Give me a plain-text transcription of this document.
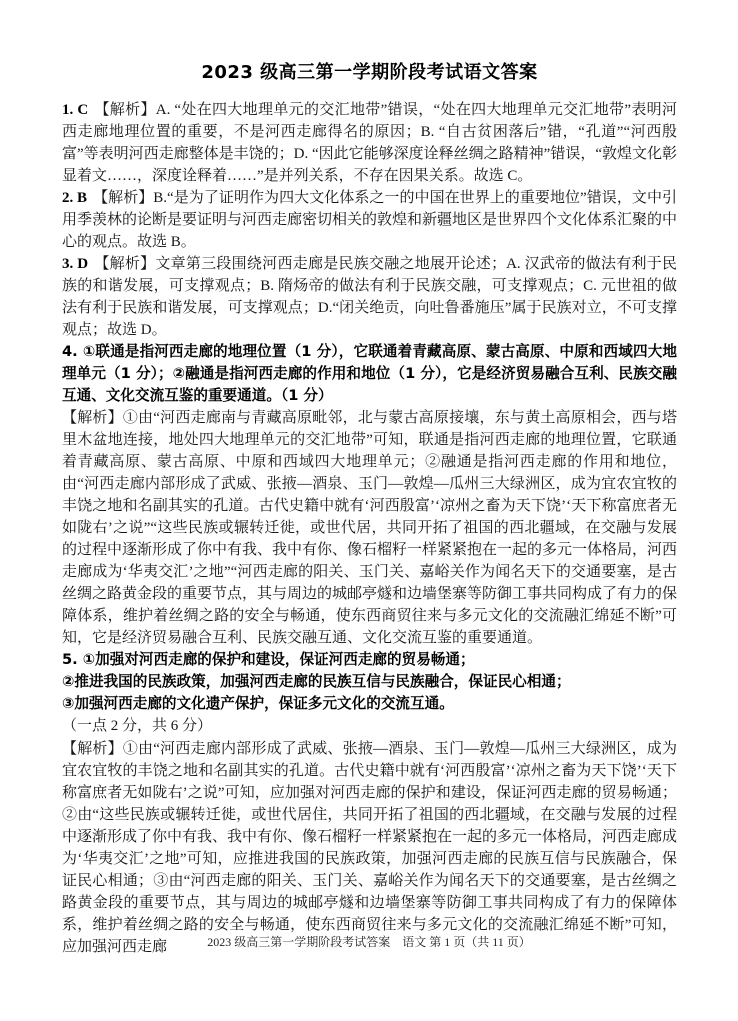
2023 级高三第一学期阶段考试语文答案
1. C 【解析】A. “处在四大地理单元的交汇地带”错误，“处在四大地理单元交汇地带”表明河西走廊地理位置的重要，不是河西走廊得名的原因；B. “自古贫困落后”错，“孔道”“河西殷富”等表明河西走廊整体是丰饶的；D. “因此它能够深度诠释丝绸之路精神”错误，“敦煌文化彰显着文……，深度诠释着……”是并列关系，不存在因果关系。故选 C。
2. B 【解析】B.“是为了证明作为四大文化体系之一的中国在世界上的重要地位”错误，文中引用季羡林的论断是要证明与河西走廊密切相关的敦煌和新疆地区是世界四个文化体系汇聚的中心的观点。故选 B。
3. D 【解析】文章第三段围绕河西走廊是民族交融之地展开论述；A. 汉武帝的做法有利于民族的和谐发展，可支撑观点；B. 隋炀帝的做法有利于民族交融，可支撑观点；C. 元世祖的做法有利于民族和谐发展，可支撑观点；D.“闭关绝贡，向吐鲁番施压”属于民族对立，不可支撑观点；故选 D。
4. ①联通是指河西走廊的地理位置（1 分），它联通着青藏高原、蒙古高原、中原和西域四大地理单元（1 分）；②融通是指河西走廊的作用和地位（1 分），它是经济贸易融合互利、民族交融互通、文化交流互鉴的重要通道。（1 分）
【解析】①由“河西走廊南与青藏高原毗邻，北与蒙古高原接壤，东与黄土高原相会，西与塔里木盆地连接，地处四大地理单元的交汇地带”可知，联通是指河西走廊的地理位置，它联通着青藏高原、蒙古高原、中原和西域四大地理单元；②融通是指河西走廊的作用和地位，由“河西走廊内部形成了武威、张掖—酒泉、玉门—敦煌—瓜州三大绿洲区，成为宜农宜牧的丰饶之地和名副其实的孔道。古代史籍中就有‘河西殷富’‘凉州之畜为天下饶’‘天下称富庶者无如陇右’之说”“这些民族或辗转迁徙，或世代居，共同开拓了祖国的西北疆域，在交融与发展的过程中逐渐形成了你中有我、我中有你、像石榴籽一样紧紧抱在一起的多元一体格局，河西走廊成为‘华夷交汇’之地”“河西走廊的阳关、玉门关、嘉峪关作为闻名天下的交通要塞，是古丝绸之路黄金段的重要节点，其与周边的城邮亭燧和边墙堡寨等防御工事共同构成了有力的保障体系，维护着丝绸之路的安全与畅通，使东西商贸往来与多元文化的交流融汇绵延不断”可知，它是经济贸易融合互利、民族交融互通、文化交流互鉴的重要通道。
5. ①加强对河西走廊的保护和建设，保证河西走廊的贸易畅通；
②推进我国的民族政策，加强河西走廊的民族互信与民族融合，保证民心相通；
③加强河西走廊的文化遗产保护，保证多元文化的交流互通。
（一点 2 分，共 6 分）
【解析】①由“河西走廊内部形成了武威、张掖—酒泉、玉门—敦煌—瓜州三大绿洲区，成为宜农宜牧的丰饶之地和名副其实的孔道。古代史籍中就有‘河西殷富’‘凉州之畜为天下饶’‘天下称富庶者无如陇右’之说”可知，应加强对河西走廊的保护和建设，保证河西走廊的贸易畅通；②由“这些民族或辗转迁徙，或世代居住，共同开拓了祖国的西北疆域，在交融与发展的过程中逐渐形成了你中有我、我中有你、像石榴籽一样紧紧抱在一起的多元一体格局，河西走廊成为‘华夷交汇’之地”可知，应推进我国的民族政策，加强河西走廊的民族互信与民族融合，保证民心相通；③由“河西走廊的阳关、玉门关、嘉峪关作为闻名天下的交通要塞，是古丝绸之路黄金段的重要节点，其与周边的城邮亭燧和边墙堡寨等防御工事共同构成了有力的保障体系，维护着丝绸之路的安全与畅通，使东西商贸往来与多元文化的交流融汇绵延不断”可知，应加强河西走廊	2023 级高三第一学期阶段考试答案　语文 第 1 页（共 11 页）
